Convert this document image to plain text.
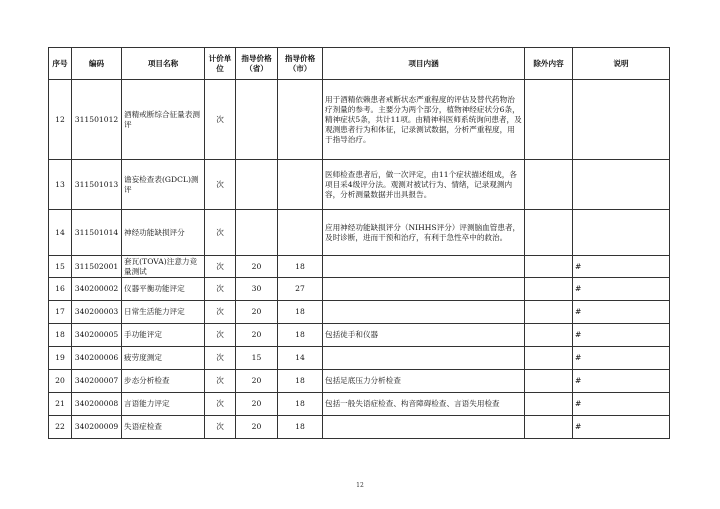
序号	编码	项目名称	计价单位	指导价格（省）	指导价格（市）	项目内涵	除外内容	说明
12	311501012	酒精戒断综合征量表测评	次			用于酒精依赖患者戒断状态严重程度的评估及替代药物治疗剂量的参考。主要分为两个部分，植物神经症状分6条，精神症状5条，共计11项。由精神科医师系统询问患者，及观测患者行为和体征，记录测试数据，分析严重程度，用于指导治疗。		
13	311501013	谵妄检查表(GDCL)测评	次			医师检查患者后，做一次评定，由11个症状描述组成，各项目采4级评分法。观测对被试行为、情绪，记录观测内容，分析测量数据并出具报告。		
14	311501014	神经功能缺损评分	次			应用神经功能缺损评分（NIHHS评分）评测脑血管患者，及时诊断，进而干预和治疗，有利于急性卒中的救治。		
15	311502001	套瓦(TOVA)注意力竞量测试	次	20	18			#
16	340200002	仪器平衡功能评定	次	30	27			#
17	340200003	日常生活能力评定	次	20	18			#
18	340200005	手功能评定	次	20	18	包括徒手和仪器		#
19	340200006	疲劳度测定	次	15	14			#
20	340200007	步态分析检查	次	20	18	包括足底压力分析检查		#
21	340200008	言语能力评定	次	20	18	包括一般失语症检查、构音障碍检查、言语失用检查		#
22	340200009	失语症检查	次	20	18			#
12
